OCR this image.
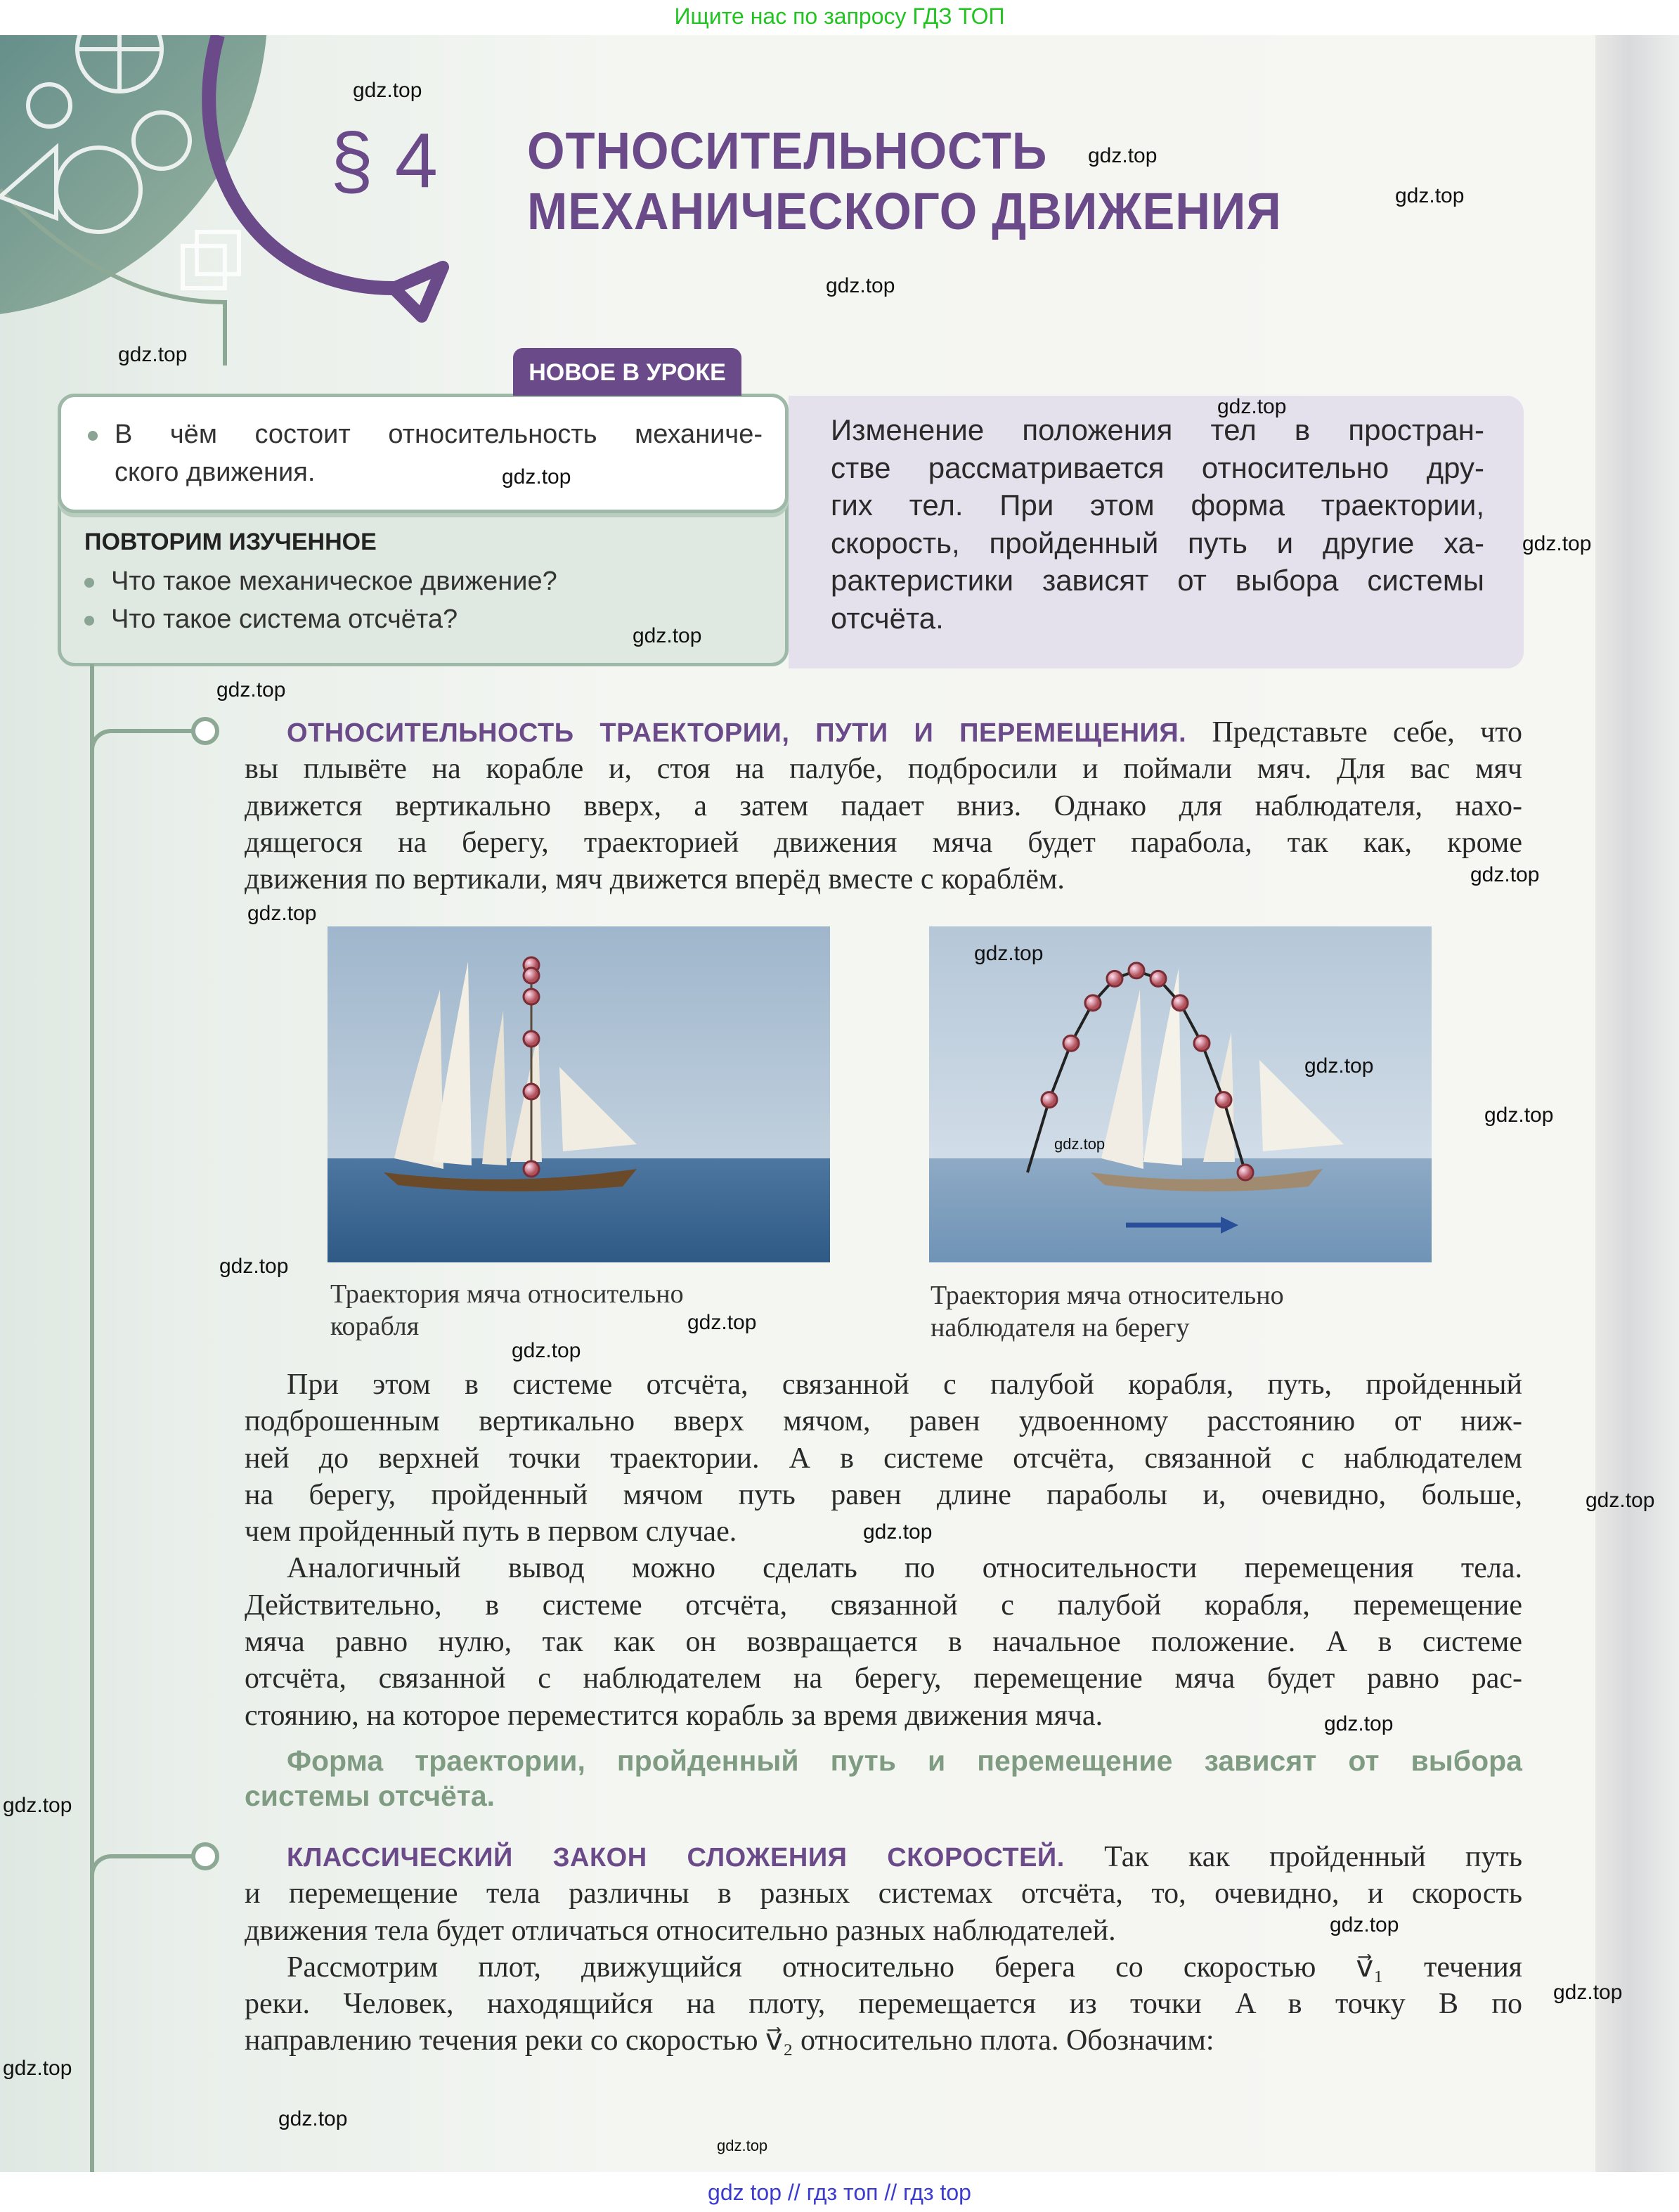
Ищите нас по запросу ГДЗ ТОП
§ 4 ОТНОСИТЕЛЬНОСТЬ
МЕХАНИЧЕСКОГО ДВИЖЕНИЯ
Изменение положения тел в простран-
стве рассматривается относительно дру-
гих тел. При этом форма траектории,
скорость, пройденный путь и другие ха-
рактеристики зависят от выбора системы
отсчёта.
В чём состоит относительность механиче-
ского движения.
НОВОЕ В УРОКЕ
ПОВТОРИМ ИЗУЧЕННОЕ
Что такое механическое движение?
Что такое система отсчёта?
ОТНОСИТЕЛЬНОСТЬ ТРАЕКТОРИИ, ПУТИ И ПЕРЕМЕЩЕНИЯ. Представьте себе, что
вы плывёте на корабле и, стоя на палубе, подбросили и поймали мяч. Для вас мяч
движется вертикально вверх, а затем падает вниз. Однако для наблюдателя, нахо-
дящегося на берегу, траекторией движения мяча будет парабола, так как, кроме
движения по вертикали, мяч движется вперёд вместе с кораблём.
Траектория мяча относительно
корабля
Траектория мяча относительно
наблюдателя на берегу
При этом в системе отсчёта, связанной с палубой корабля, путь, пройденный
подброшенным вертикально вверх мячом, равен удвоенному расстоянию от ниж-
ней до верхней точки траектории. А в системе отсчёта, связанной с наблюдателем
на берегу, пройденный мячом путь равен длине параболы и, очевидно, больше,
чем пройденный путь в первом случае.
Аналогичный вывод можно сделать по относительности перемещения тела.
Действительно, в системе отсчёта, связанной с палубой корабля, перемещение
мяча равно нулю, так как он возвращается в начальное положение. А в системе
отсчёта, связанной с наблюдателем на берегу, перемещение мяча будет равно рас-
стоянию, на которое переместится корабль за время движения мяча.
Форма траектории, пройденный путь и перемещение зависят от выбора
системы отсчёта.
КЛАССИЧЕСКИЙ ЗАКОН СЛОЖЕНИЯ СКОРОСТЕЙ. Так как пройденный путь
и перемещение тела различны в разных системах отсчёта, то, очевидно, и скорость
движения тела будет отличаться относительно разных наблюдателей.
Рассмотрим плот, движущийся относительно берега со скоростью v⃗₁ течения
реки. Человек, находящийся на плоту, перемещается из точки A в точку B по
направлению течения реки со скоростью v⃗₂ относительно плота. Обозначим:
gdz top // гдз топ // гдз top
gdz.top
gdz.top
gdz.top
gdz.top
gdz.top
gdz.top
gdz.top
gdz.top
gdz.top
gdz.top
gdz.top
gdz.top
gdz.top
gdz.top
gdz.top
gdz.top
gdz.top
gdz.top
gdz.top
gdz.top
gdz.top
gdz.top
gdz.top
gdz.top
gdz.top
gdz.top
gdz.top
gdz.top
